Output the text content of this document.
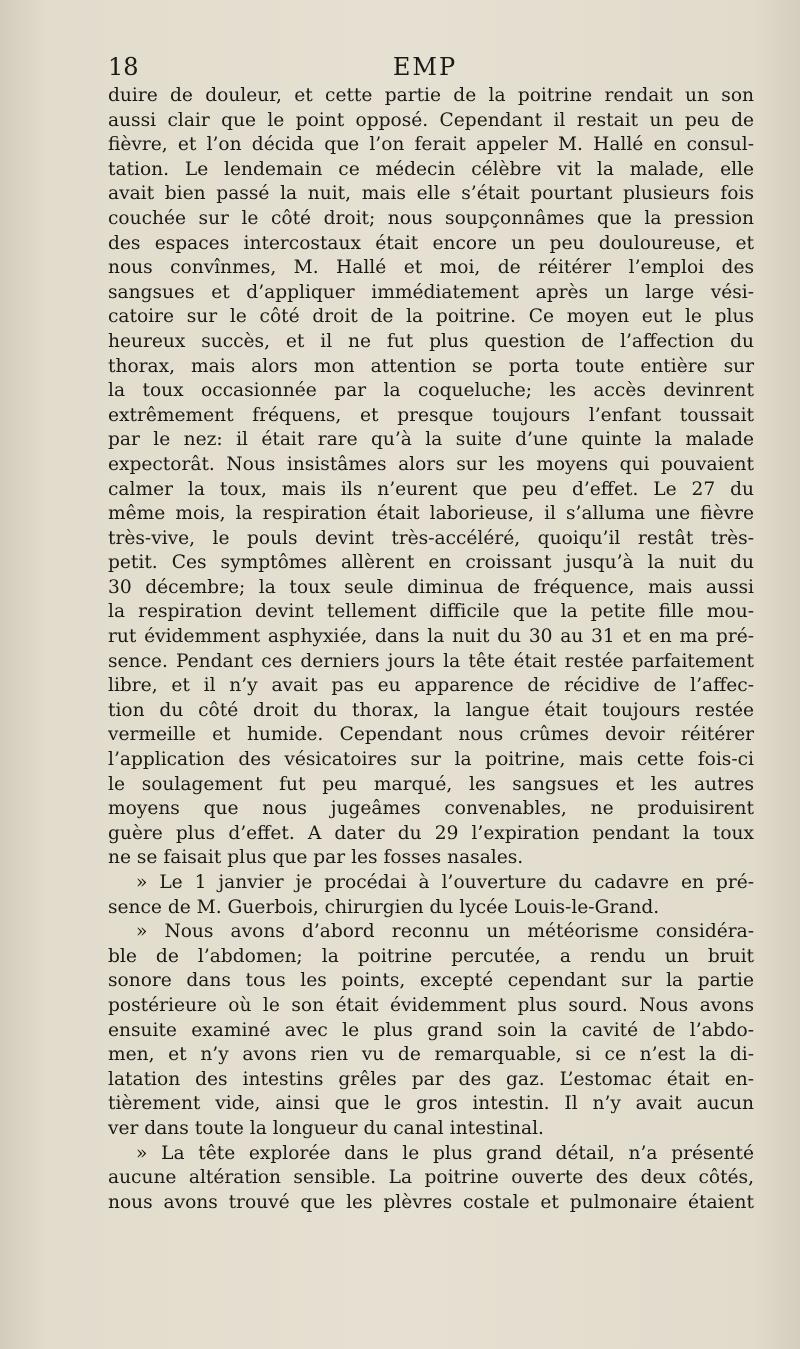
18	EMP
duire de douleur, et cette partie de la poitrine rendait un son
aussi clair que le point opposé. Cependant il restait un peu de
fièvre, et l’on décida que l’on ferait appeler M. Hallé en consul-
tation. Le lendemain ce médecin célèbre vit la malade, elle
avait bien passé la nuit, mais elle s’était pourtant plusieurs fois
couchée sur le côté droit; nous soupçonnâmes que la pression
des espaces intercostaux était encore un peu douloureuse, et
nous convînmes, M. Hallé et moi, de réitérer l’emploi des
sangsues et d’appliquer immédiatement après un large vési-
catoire sur le côté droit de la poitrine. Ce moyen eut le plus
heureux succès, et il ne fut plus question de l’affection du
thorax, mais alors mon attention se porta toute entière sur
la toux occasionnée par la coqueluche; les accès devinrent
extrêmement fréquens, et presque toujours l’enfant toussait
par le nez: il était rare qu’à la suite d’une quinte la malade
expectorât. Nous insistâmes alors sur les moyens qui pouvaient
calmer la toux, mais ils n’eurent que peu d’effet. Le 27 du
même mois, la respiration était laborieuse, il s’alluma une fièvre
très-vive, le pouls devint très-accéléré, quoiqu’il restât très-
petit. Ces symptômes allèrent en croissant jusqu’à la nuit du
30 décembre; la toux seule diminua de fréquence, mais aussi
la respiration devint tellement difficile que la petite fille mou-
rut évidemment asphyxiée, dans la nuit du 30 au 31 et en ma pré-
sence. Pendant ces derniers jours la tête était restée parfaitement
libre, et il n’y avait pas eu apparence de récidive de l’affec-
tion du côté droit du thorax, la langue était toujours restée
vermeille et humide. Cependant nous crûmes devoir réitérer
l’application des vésicatoires sur la poitrine, mais cette fois-ci
le soulagement fut peu marqué, les sangsues et les autres
moyens que nous jugeâmes convenables, ne produisirent
guère plus d’effet. A dater du 29 l’expiration pendant la toux
ne se faisait plus que par les fosses nasales.
» Le 1 janvier je procédai à l’ouverture du cadavre en pré-
sence de M. Guerbois, chirurgien du lycée Louis-le-Grand.
» Nous avons d’abord reconnu un météorisme considéra-
ble de l’abdomen; la poitrine percutée, a rendu un bruit
sonore dans tous les points, excepté cependant sur la partie
postérieure où le son était évidemment plus sourd. Nous avons
ensuite examiné avec le plus grand soin la cavité de l’abdo-
men, et n’y avons rien vu de remarquable, si ce n’est la di-
latation des intestins grêles par des gaz. L’estomac était en-
tièrement vide, ainsi que le gros intestin. Il n’y avait aucun
ver dans toute la longueur du canal intestinal.
» La tête explorée dans le plus grand détail, n’a présenté
aucune altération sensible. La poitrine ouverte des deux côtés,
nous avons trouvé que les plèvres costale et pulmonaire étaient
